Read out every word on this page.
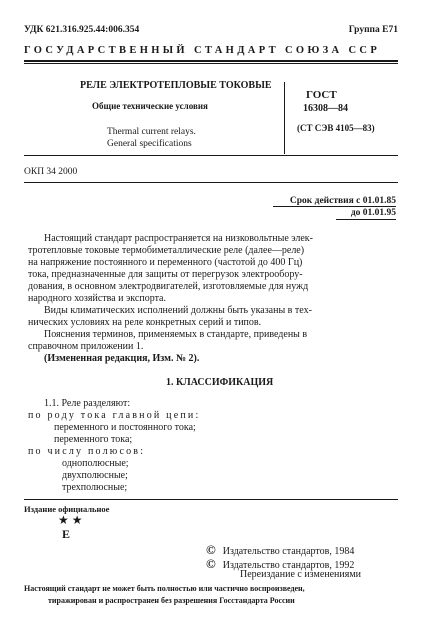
УДК 621.316.925.44:006.354	Группа Е71
ГОСУДАРСТВЕННЫЙ СТАНДАРТ СОЮЗА ССР
РЕЛЕ ЭЛЕКТРОТЕПЛОВЫЕ ТОКОВЫЕ
Общие технические условия
Thermal current relays.
General specifications
ГОСТ
16308—84
(СТ СЭВ 4105—83)
ОКП 34 2000
Срок действия с 01.01.85
до 01.01.95
Настоящий стандарт распространяется на низковольтные элек-
тротепловые токовые термобиметаллические реле (далее—реле)
на напряжение постоянного и переменного (частотой до 400 Гц)
тока, предназначенные для защиты от перегрузок электрообору-
дования, в основном электродвигателей, изготовляемые для нужд
народного хозяйства и экспорта.
Виды климатических исполнений должны быть указаны в тех-
нических условиях на реле конкретных серий и типов.
Пояснения терминов, применяемых в стандарте, приведены в
справочном приложении 1.
(Измененная редакция, Изм. № 2).
1. КЛАССИФИКАЦИЯ
1.1. Реле разделяют:
по роду тока главной цепи:
переменного и постоянного тока;
переменного тока;
по числу полюсов:
однополюсные;
двухполюсные;
трехполюсные;
Издание официальное
★ ★
Е
© Издательство стандартов, 1984
© Издательство стандартов, 1992
Переиздание с изменениями
Настоящий стандарт не может быть полностью или частично воспроизведен,
тиражирован и распространен без разрешения Госстандарта России
